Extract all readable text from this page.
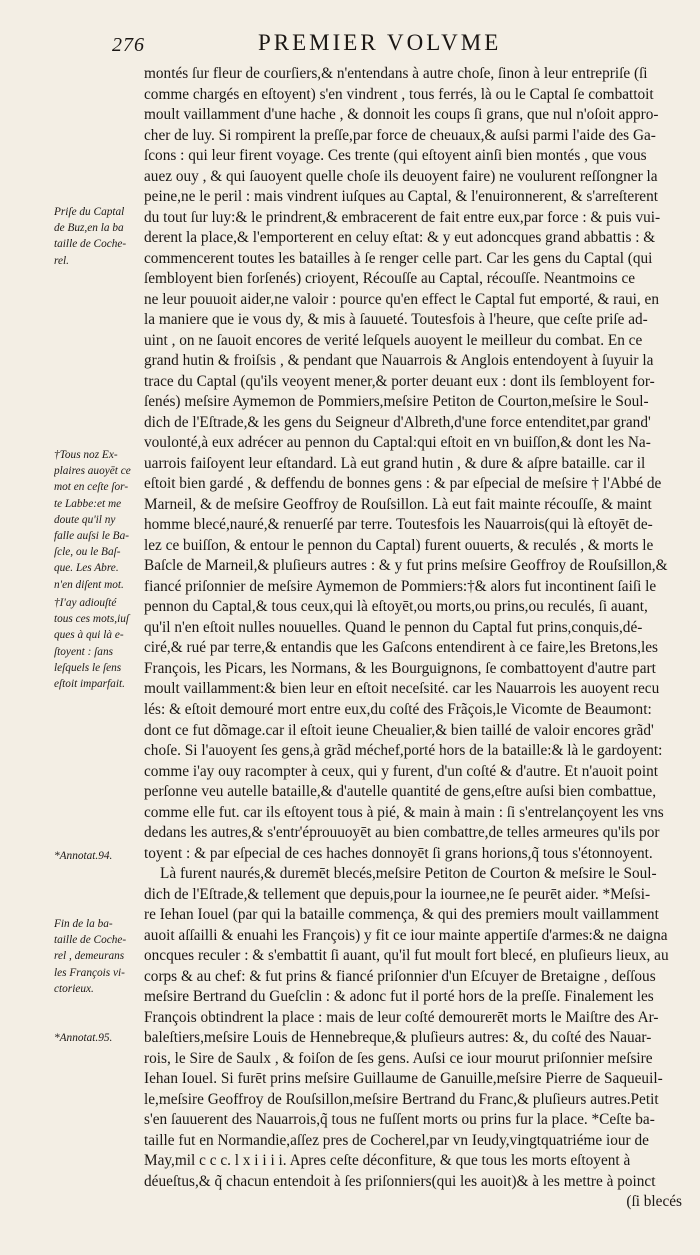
276	PREMIER VOLVME
Priſe du Captal
de Buz,en la ba
taille de Coche-
rel.
†Tous noz Ex-
plaires auoyēt ce
mot en ceſte ſor-
te Labbe:et me
doute qu'il ny
falle auſsi le Ba-
ſcle, ou le Baſ-
que. Les Abre.
n'en diſent mot.
†I'ay adiouſté
tous ces mots,iuſ
ques à qui là e-
ſtoyent : ſans
leſquels le ſens
eſtoit imparfait.
*Annotat.94.
Fin de la ba-
taille de Coche-
rel , demeurans
les François vi-
ctorieux.
*Annotat.95.
montés ſur fleur de courſiers,& n'entendans à autre choſe, ſinon à leur entrepriſe (ſi
comme chargés en eſtoyent) s'en vindrent , tous ferrés, là ou le Captal ſe combattoit
moult vaillamment d'une hache , & donnoit les coups ſi grans, que nul n'oſoit appro-
cher de luy. Si rompirent la preſſe,par force de cheuaux,& auſsi parmi l'aide des Ga-
ſcons : qui leur firent voyage. Ces trente (qui eſtoyent ainſi bien montés , que vous
auez ouy , & qui ſauoyent quelle choſe ils deuoyent faire) ne voulurent reſſongner la
peine,ne le peril : mais vindrent iuſques au Captal, & l'enuironnerent, & s'arreſterent
du tout ſur luy:& le prindrent,& embracerent de fait entre eux,par force : & puis vui-
derent la place,& l'emporterent en celuy eſtat: & y eut adoncques grand abbattis : &
commencerent toutes les batailles à ſe renger celle part. Car les gens du Captal (qui
ſembloyent bien forſenés) crioyent, Récouſſe au Captal, récouſſe. Neantmoins ce
ne leur pouuoit aider,ne valoir : pource qu'en effect le Captal fut emporté, & raui, en
la maniere que ie vous dy, & mis à ſauueté. Toutesfois à l'heure, que ceſte priſe ad-
uint , on ne ſauoit encores de verité leſquels auoyent le meilleur du combat. En ce
grand hutin & froiſsis , & pendant que Nauarrois & Anglois entendoyent à ſuyuir la
trace du Captal (qu'ils veoyent mener,& porter deuant eux : dont ils ſembloyent for-
ſenés) meſsire Aymemon de Pommiers,meſsire Petiton de Courton,meſsire le Soul-
dich de l'Eſtrade,& les gens du Seigneur d'Albreth,d'une force entenditet,par grand'
voulonté,à eux adrécer au pennon du Captal:qui eſtoit en vn buiſſon,& dont les Na-
uarrois faiſoyent leur eſtandard. Là eut grand hutin , & dure & aſpre bataille. car il
eſtoit bien gardé , & deffendu de bonnes gens : & par eſpecial de meſsire † l'Abbé de
Marneil, & de meſsire Geoffroy de Rouſsillon. Là eut fait mainte récouſſe, & maint
homme blecé,nauré,& renuerſé par terre. Toutesfois les Nauarrois(qui là eſtoyēt de-
lez ce buiſſon, & entour le pennon du Captal) furent ouuerts, & reculés , & morts le
Baſcle de Marneil,& pluſieurs autres : & y fut prins meſsire Geoffroy de Rouſsillon,&
fiancé priſonnier de meſsire Aymemon de Pommiers:†& alors fut incontinent ſaiſi le
pennon du Captal,& tous ceux,qui là eſtoyēt,ou morts,ou prins,ou reculés, ſi auant,
qu'il n'en eſtoit nulles nouuelles. Quand le pennon du Captal fut prins,conquis,dé-
ciré,& rué par terre,& entandis que les Gaſcons entendirent à ce faire,les Bretons,les
François, les Picars, les Normans, & les Bourguignons, ſe combattoyent d'autre part
moult vaillamment:& bien leur en eſtoit neceſsité. car les Nauarrois les auoyent recu
lés: & eſtoit demouré mort entre eux,du coſté des Frãçois,le Vicomte de Beaumont:
dont ce fut dõmage.car il eſtoit ieune Cheualier,& bien taillé de valoir encores grãd'
choſe. Si l'auoyent ſes gens,à grãd méchef,porté hors de la bataille:& là le gardoyent:
comme i'ay ouy racompter à ceux, qui y furent, d'un coſté & d'autre. Et n'auoit point
perſonne veu autelle bataille,& d'autelle quantité de gens,eſtre auſsi bien combattue,
comme elle fut. car ils eſtoyent tous à pié, & main à main : ſi s'entrelançoyent les vns
dedans les autres,& s'entr'éprouuoyēt au bien combattre,de telles armeures qu'ils por
toyent : & par eſpecial de ces haches donnoyēt ſi grans horions,q̃ tous s'étonnoyent.
Là furent naurés,& duremēt blecés,meſsire Petiton de Courton & meſsire le Soul-
dich de l'Eſtrade,& tellement que depuis,pour la iournee,ne ſe peurēt aider. *Meſsi-
re Iehan Iouel (par qui la bataille commença, & qui des premiers moult vaillamment
auoit aſſailli & enuahi les François) y fit ce iour mainte appertiſe d'armes:& ne daigna
oncques reculer : & s'embattit ſi auant, qu'il fut moult fort blecé, en pluſieurs lieux, au
corps & au chef: & fut prins & fiancé priſonnier d'un Eſcuyer de Bretaigne , deſſous
meſsire Bertrand du Gueſclin : & adonc fut il porté hors de la preſſe. Finalement les
François obtindrent la place : mais de leur coſté demourerēt morts le Maiſtre des Ar-
baleſtiers,meſsire Louis de Hennebreque,& pluſieurs autres: &, du coſté des Nauar-
rois, le Sire de Saulx , & foiſon de ſes gens. Auſsi ce iour mourut priſonnier meſsire
Iehan Iouel. Si furēt prins meſsire Guillaume de Ganuille,meſsire Pierre de Saqueuil-
le,meſsire Geoffroy de Rouſsillon,meſsire Bertrand du Franc,& pluſieurs autres.Petit
s'en ſauuerent des Nauarrois,q̃ tous ne fuſſent morts ou prins fur la place. *Ceſte ba-
taille fut en Normandie,aſſez pres de Cocherel,par vn Ieudy,vingtquatriéme iour de
May,mil c c c. l x i i i i. Apres ceſte déconfiture, & que tous les morts eſtoyent à
déueſtus,& q̃ chacun entendoit à ſes priſonniers(qui les auoit)& à les mettre à poinct
(ſi blecés
